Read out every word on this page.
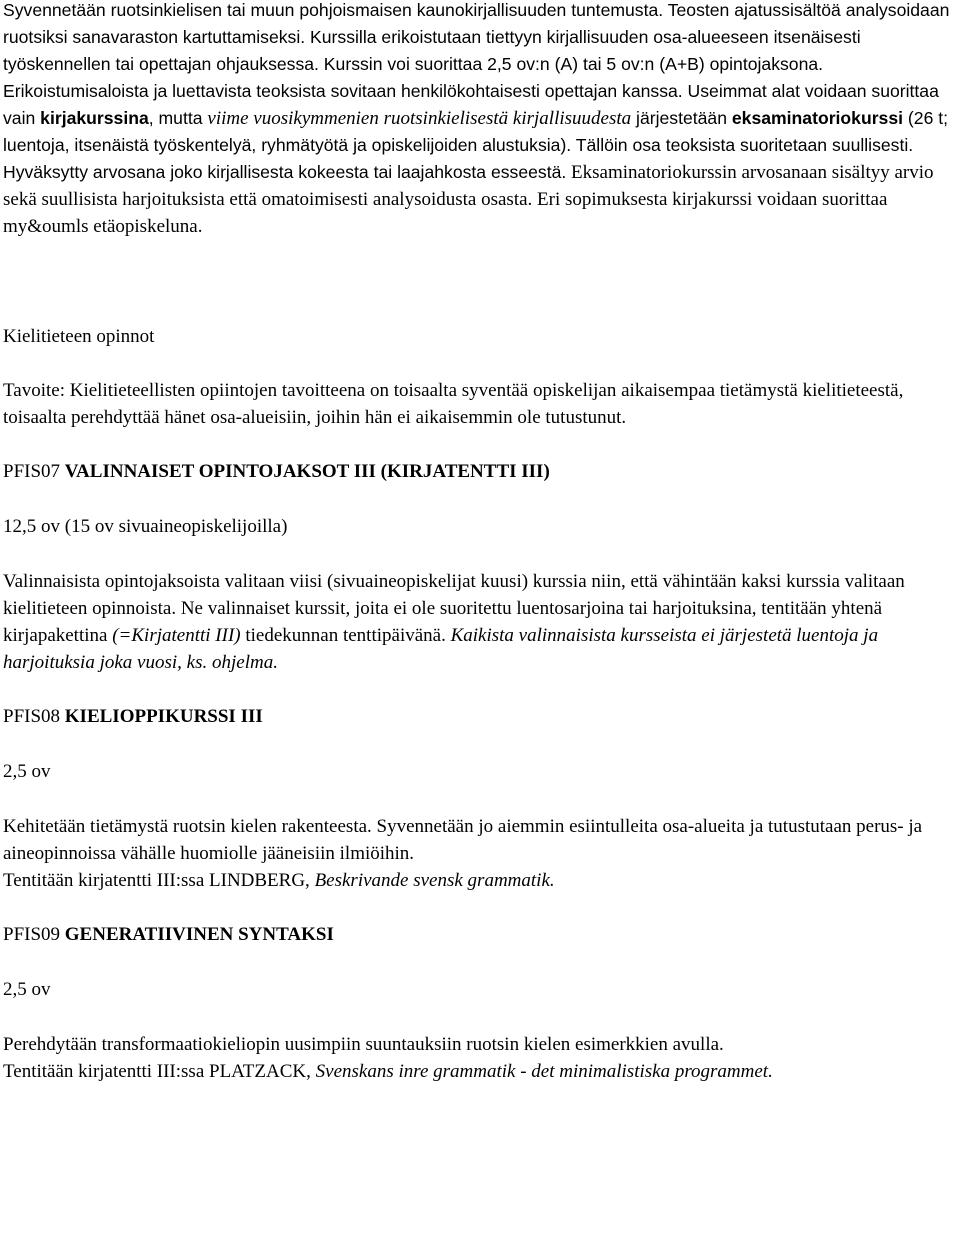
Syvennetään ruotsinkielisen tai muun pohjoismaisen kaunokirjallisuuden tuntemusta. Teosten ajatussisältöä analysoidaan ruotsiksi sanavaraston kartuttamiseksi. Kurssilla erikoistutaan tiettyyn kirjallisuuden osa-alueeseen itsenäisesti työskennellen tai opettajan ohjauksessa. Kurssin voi suorittaa 2,5 ov:n (A) tai 5 ov:n (A+B) opintojaksona. Erikoistumisaloista ja luettavista teoksista sovitaan henkilökohtaisesti opettajan kanssa. Useimmat alat voidaan suorittaa vain kirjakurssina, mutta viime vuosikymmenien ruotsinkielisestä kirjallisuudesta järjestetään eksaminatoriokurssi (26 t; luentoja, itsenäistä työskentelyä, ryhmätyötä ja opiskelijoiden alustuksia). Tällöin osa teoksista suoritetaan suullisesti.

Hyväksytty arvosana joko kirjallisesta kokeesta tai laajahkosta esseestä. Eksaminatoriokurssin arvosanaan sisältyy arvio sekä suullisista harjoituksista että omatoimisesti analysoidusta osasta. Eri sopimuksesta kirjakurssi voidaan suorittaa my&oumls etäopiskeluna.

Kielitieteen opinnot

Tavoite: Kielitieteellisten opiintojen tavoitteena on toisaalta syventää opiskelijan aikaisempaa tietämystä kielitieteestä, toisaalta perehdyttää hänet osa-alueisiin, joihin hän ei aikaisemmin ole tutustunut.

PFIS07 VALINNAISET OPINTOJAKSOT III (KIRJATENTTI III)

12,5 ov (15 ov sivuaineopiskelijoilla)

Valinnaisista opintojaksoista valitaan viisi (sivuaineopiskelijat kuusi) kurssia niin, että vähintään kaksi kurssia valitaan kielitieteen opinnoista. Ne valinnaiset kurssit, joita ei ole suoritettu luentosarjoina tai harjoituksina, tentitään yhtenä kirjapakettina (=Kirjatentti III) tiedekunnan tenttipäivänä. Kaikista valinnaisista kursseista ei järjestetä luentoja ja harjoituksia joka vuosi, ks. ohjelma.

PFIS08 KIELIOPPIKURSSI III

2,5 ov

Kehitetään tietämystä ruotsin kielen rakenteesta. Syvennetään jo aiemmin esiintulleita osa-alueita ja tutustutaan perus- ja aineopinnoissa vähälle huomiolle jääneisiin ilmiöihin.

Tentitään kirjatentti III:ssa LINDBERG, Beskrivande svensk grammatik.

PFIS09 GENERATIIVINEN SYNTAKSI

2,5 ov

Perehdytään transformaatiokieliopin uusimpiin suuntauksiin ruotsin kielen esimerkkien avulla.

Tentitään kirjatentti III:ssa PLATZACK, Svenskans inre grammatik - det minimalistiska programmet.
